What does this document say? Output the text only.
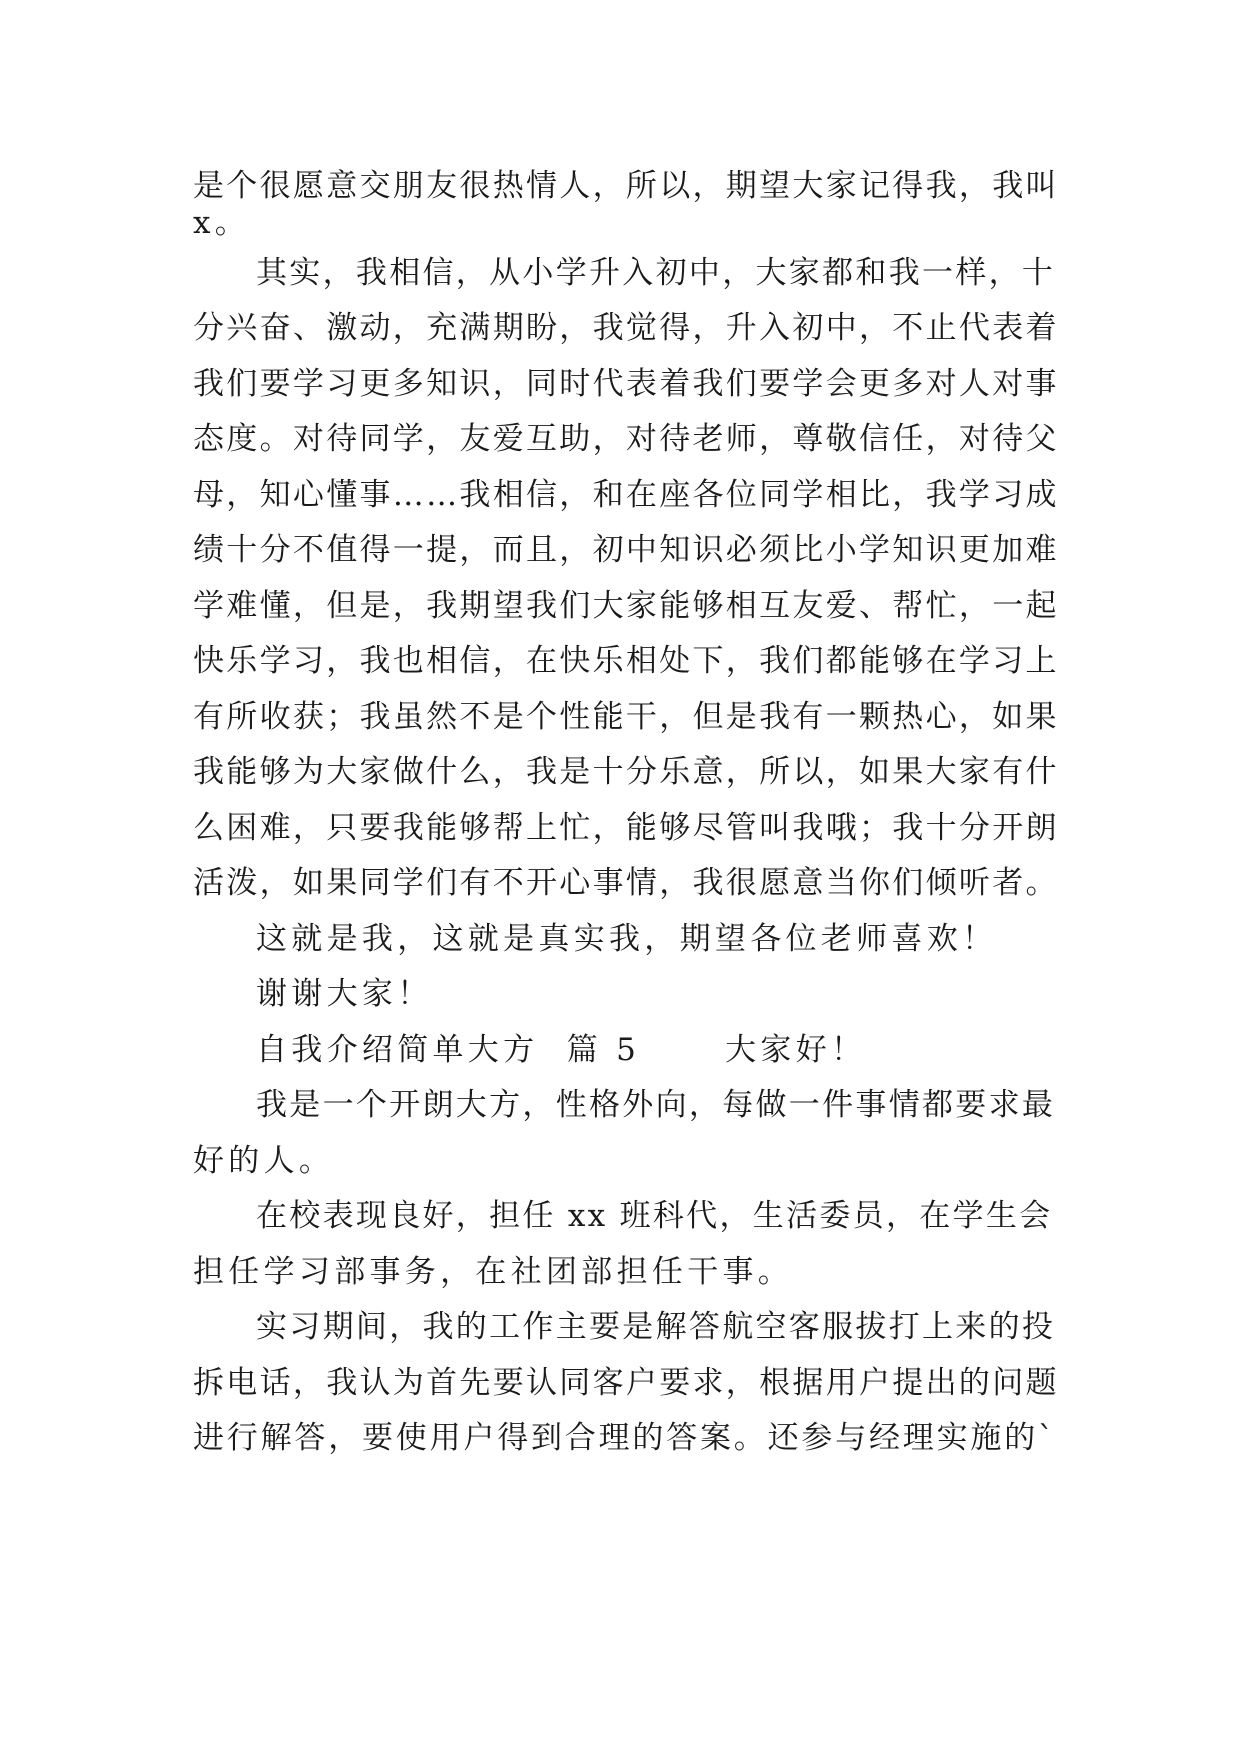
是个很愿意交朋友很热情人，所以，期望大家记得我，我叫
x。
其实，我相信，从小学升入初中，大家都和我一样，十
分兴奋、激动，充满期盼，我觉得，升入初中，不止代表着
我们要学习更多知识，同时代表着我们要学会更多对人对事
态度。对待同学，友爱互助，对待老师，尊敬信任，对待父
母，知心懂事……我相信，和在座各位同学相比，我学习成
绩十分不值得一提，而且，初中知识必须比小学知识更加难
学难懂，但是，我期望我们大家能够相互友爱、帮忙，一起
快乐学习，我也相信，在快乐相处下，我们都能够在学习上
有所收获；我虽然不是个性能干，但是我有一颗热心，如果
我能够为大家做什么，我是十分乐意，所以，如果大家有什
么困难，只要我能够帮上忙，能够尽管叫我哦；我十分开朗
活泼，如果同学们有不开心事情，我很愿意当你们倾听者。
这就是我，这就是真实我，期望各位老师喜欢！
谢谢大家！
自我介绍简单大方  篇 5      大家好！
我是一个开朗大方，性格外向，每做一件事情都要求最
好的人。
在校表现良好，担任 xx 班科代，生活委员，在学生会
担任学习部事务，在社团部担任干事。
实习期间，我的工作主要是解答航空客服拔打上来的投
拆电话，我认为首先要认同客户要求，根据用户提出的问题
进行解答，要使用户得到合理的答案。还参与经理实施的`
